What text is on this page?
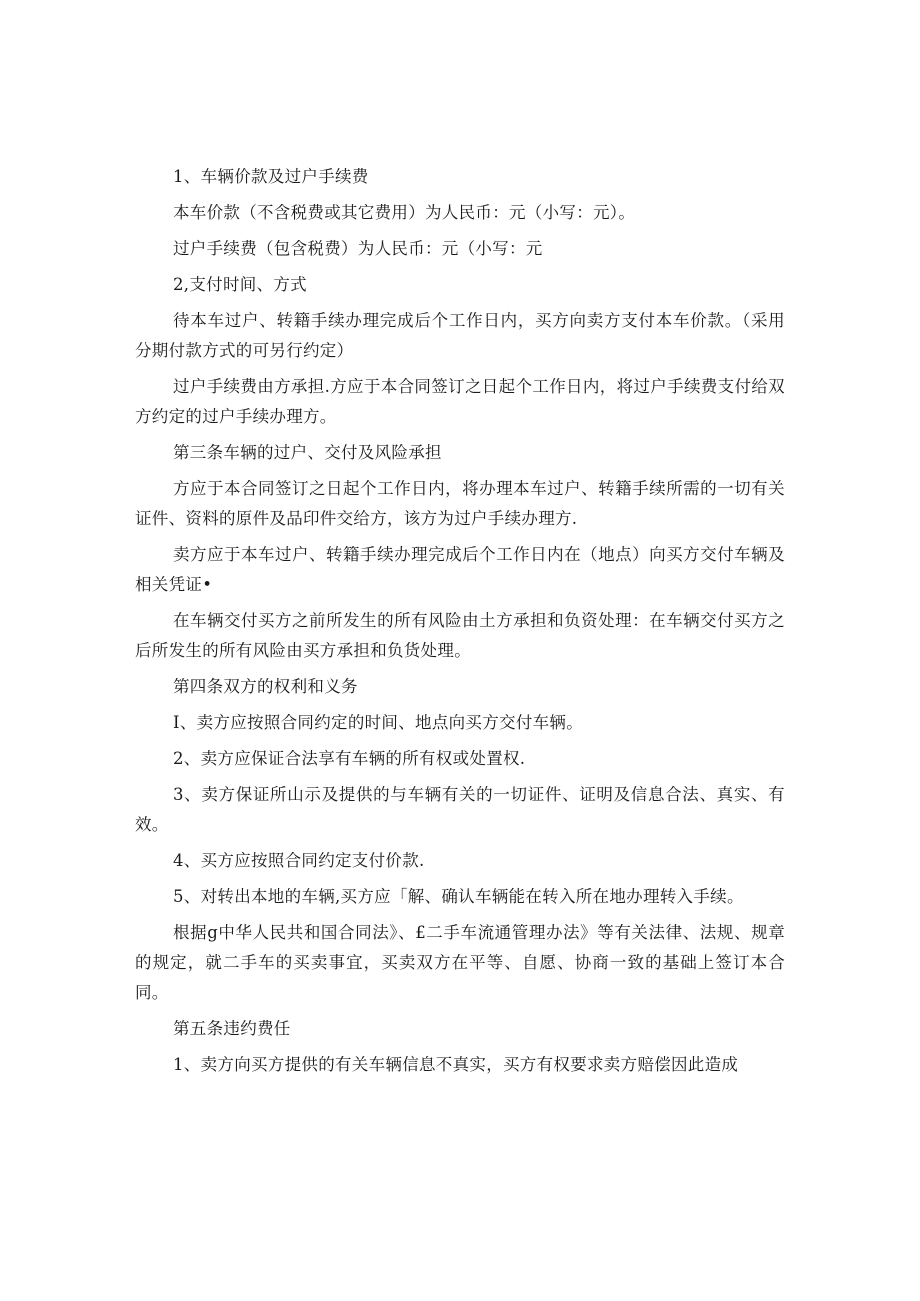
1、车辆价款及过户手续费

本车价款（不含税费或其它费用）为人民币：元（小写：元）。

过户手续费（包含税费）为人民币：元（小写：元

2,支付时间、方式

待本车过户、转籍手续办理完成后个工作日内，买方向卖方支付本车价款。（采用分期付款方式的可另行约定）

过户手续费由方承担.方应于本合同签订之日起个工作日内，将过户手续费支付给双方约定的过户手续办理方。

第三条车辆的过户、交付及风险承担

方应于本合同签订之日起个工作日内，将办理本车过户、转籍手续所需的一切有关证件、资料的原件及品印件交给方，该方为过户手续办理方.

卖方应于本车过户、转籍手续办理完成后个工作日内在（地点）向买方交付车辆及相关凭证•

在车辆交付买方之前所发生的所有风险由土方承担和负资处理：在车辆交付买方之后所发生的所有风险由买方承担和负货处理。

第四条双方的权利和义务

I、卖方应按照合同约定的时间、地点向买方交付车辆。

2、卖方应保证合法享有车辆的所有权或处置权.

3、卖方保证所山示及提供的与车辆有关的一切证件、证明及信息合法、真实、有效。

4、买方应按照合同约定支付价款.

5、对转出本地的车辆,买方应「解、确认车辆能在转入所在地办理转入手续。

根据g中华人民共和国合同法》、£二手车流通管理办法》等有关法律、法规、规章的规定，就二手车的买卖事宜，买卖双方在平等、自愿、协商一致的基础上签订本合同。

第五条违约费任

1、卖方向买方提供的有关车辆信息不真实，买方有权要求卖方赔偿因此造成
